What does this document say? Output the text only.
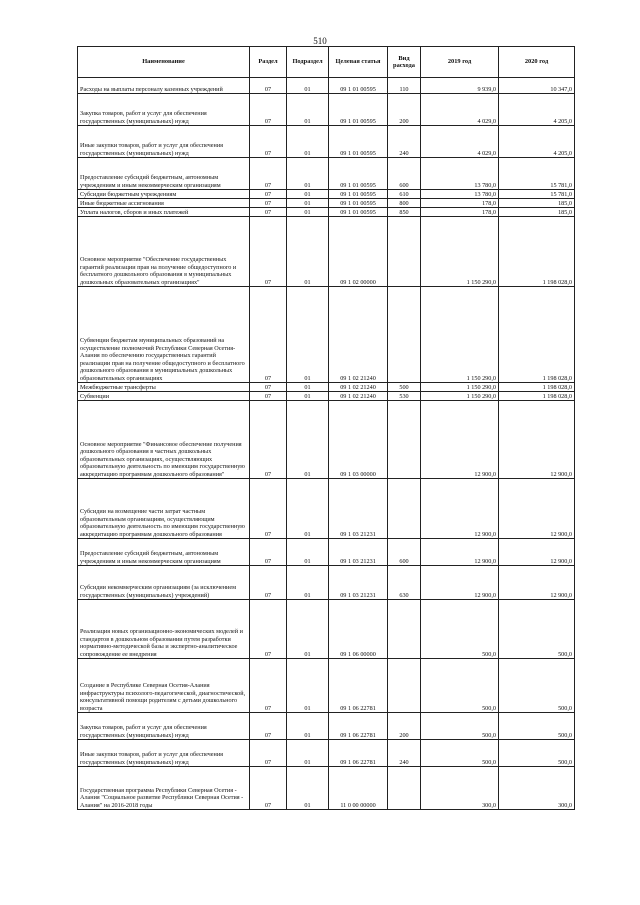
510
Наименование	Раздел	Подраздел	Целевая статья	Вид расхода	2019 год	2020 год
Расходы на выплаты персоналу казенных учреждений	07	01	09 1 01 00595	110	9 939,0	10 347,0
Закупка товаров, работ и услуг для обеспечения государственных (муниципальных) нужд	07	01	09 1 01 00595	200	4 029,0	4 205,0
Иные закупки товаров, работ и услуг для обеспечения государственных (муниципальных) нужд	07	01	09 1 01 00595	240	4 029,0	4 205,0
Предоставление субсидий бюджетным, автономным учреждениям и иным некоммерческим организациям	07	01	09 1 01 00595	600	13 780,0	15 781,0
Субсидии бюджетным учреждениям	07	01	09 1 01 00595	610	13 780,0	15 781,0
Иные бюджетные ассигнования	07	01	09 1 01 00595	800	178,0	185,0
Уплата налогов, сборов и иных платежей	07	01	09 1 01 00595	850	178,0	185,0
Основное мероприятие "Обеспечение государственных гарантий реализации прав на получение общедоступного и бесплатного дошкольного образования в муниципальных дошкольных образовательных организациях"	07	01	09 1 02 00000		1 150 290,0	1 198 028,0
Субвенции бюджетам муниципальных образований на осуществление полномочий Республики Северная Осетия-Алания по обеспечению государственных гарантий реализации прав на получение общедоступного и бесплатного дошкольного образования в муниципальных дошкольных образовательных организациях	07	01	09 1 02 21240		1 150 290,0	1 198 028,0
Межбюджетные трансферты	07	01	09 1 02 21240	500	1 150 290,0	1 198 028,0
Субвенции	07	01	09 1 02 21240	530	1 150 290,0	1 198 028,0
Основное мероприятие "Финансовое обеспечение получения дошкольного образования в частных дошкольных образовательных организациях, осуществляющих образовательную деятельность по имеющим государственную аккредитацию программам дошкольного образования"	07	01	09 1 03 00000		12 900,0	12 900,0
Субсидии на возмещение части затрат частным образовательным организациям, осуществляющим образовательную деятельность по имеющим государственную аккредитацию программам дошкольного образования	07	01	09 1 03 21231		12 900,0	12 900,0
Предоставление субсидий бюджетным, автономным учреждениям и иным некоммерческим организациям	07	01	09 1 03 21231	600	12 900,0	12 900,0
Субсидии некоммерческим организациям (за исключением государственных (муниципальных) учреждений)	07	01	09 1 03 21231	630	12 900,0	12 900,0
Реализация новых организационно-экономических моделей и стандартов в дошкольном образовании путем разработки нормативно-методической базы и экспертно-аналитическое сопровождение ее внедрения	07	01	09 1 06 00000		500,0	500,0
Создание в Республике Северная Осетия-Алания инфраструктуры психолого-педагогической, диагностической, консультативной помощи родителям с детьми дошкольного возраста	07	01	09 1 06 22781		500,0	500,0
Закупка товаров, работ и услуг для обеспечения государственных (муниципальных) нужд	07	01	09 1 06 22781	200	500,0	500,0
Иные закупки товаров, работ и услуг для обеспечения государственных (муниципальных) нужд	07	01	09 1 06 22781	240	500,0	500,0
Государственная программа Республики Северная Осетия - Алания "Социальное развитие Республики Северная Осетия - Алания" на 2016-2018 годы	07	01	11 0 00 00000		300,0	300,0
